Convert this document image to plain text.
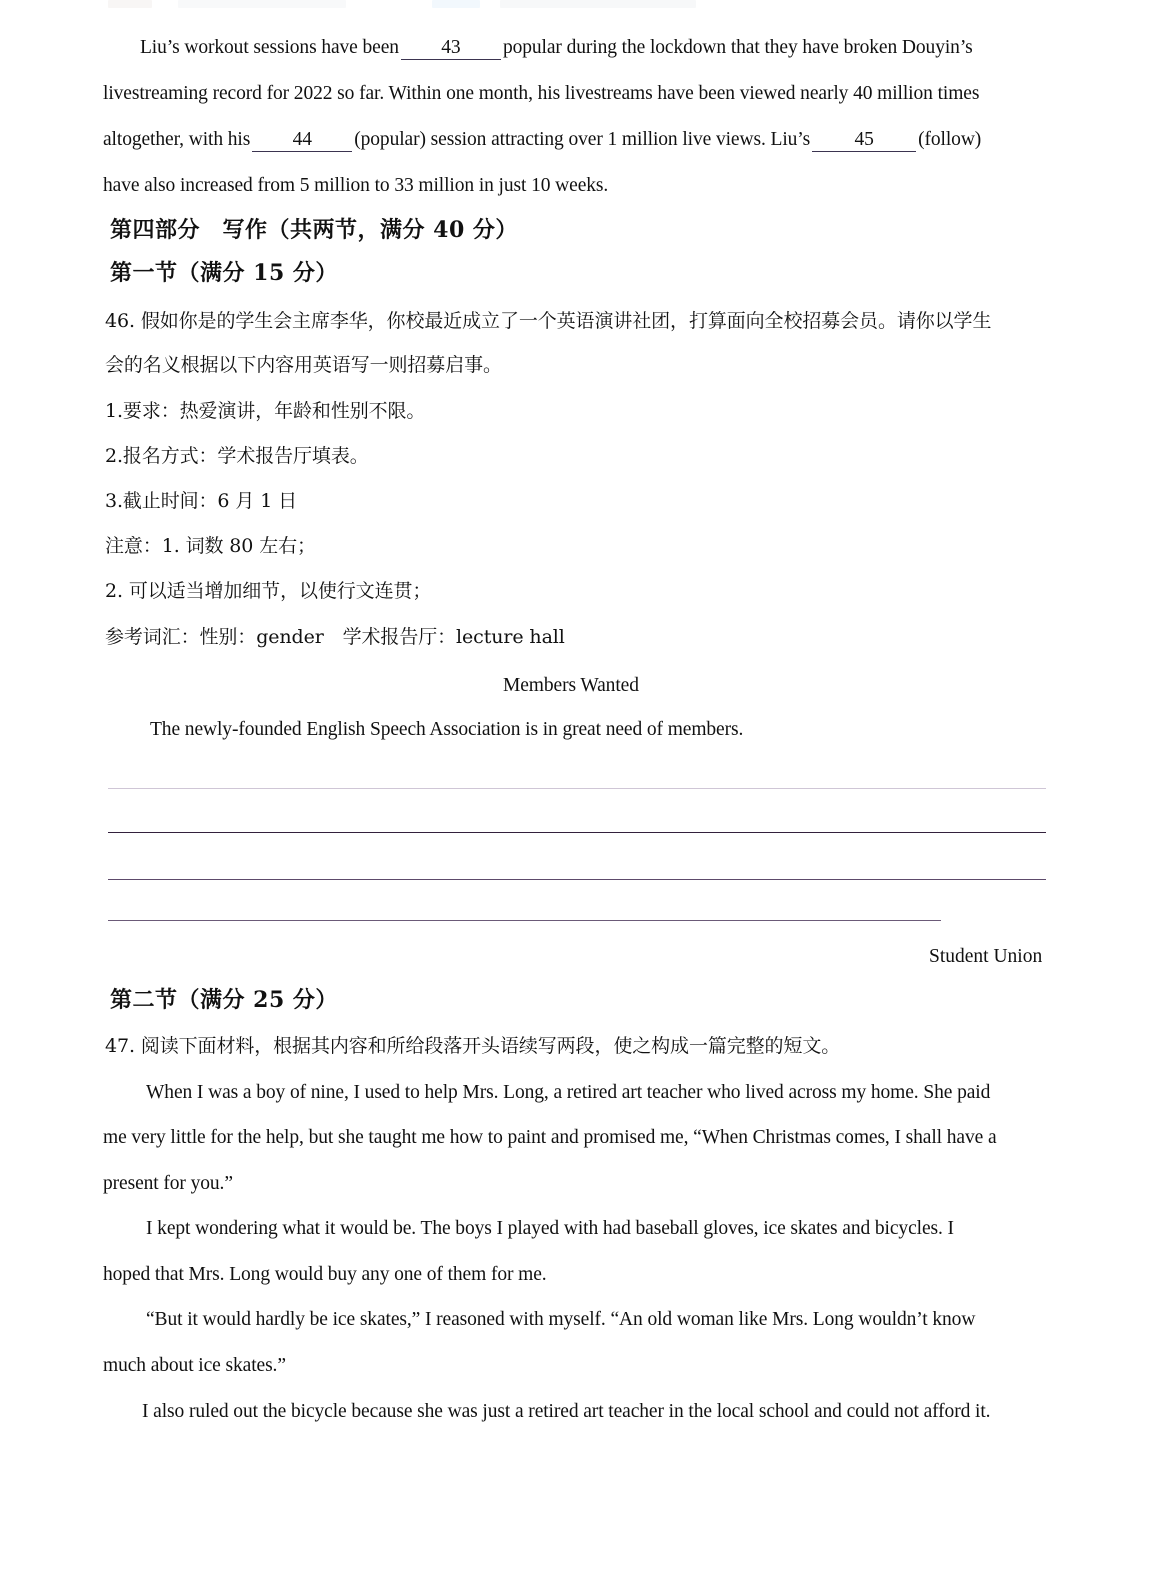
Liu’s workout sessions have been 43 popular during the lockdown that they have broken Douyin’s
livestreaming record for 2022 so far. Within one month, his livestreams have been viewed nearly 40 million times
altogether, with his 44 (popular) session attracting over 1 million live views. Liu’s 45 (follow)
have also increased from 5 million to 33 million in just 10 weeks.
第四部分　写作（共两节，满分 40 分）
第一节（满分 15 分）
46. 假如你是的学生会主席李华，你校最近成立了一个英语演讲社团，打算面向全校招募会员。请你以学生
会的名义根据以下内容用英语写一则招募启事。
1.要求：热爱演讲，年龄和性别不限。
2.报名方式：学术报告厅填表。
3.截止时间：6 月 1 日
注意：1. 词数 80 左右；
2. 可以适当增加细节，以使行文连贯；
参考词汇：性别：gender　学术报告厅：lecture hall
Members Wanted
The newly-founded English Speech Association is in great need of members.
Student Union
第二节（满分 25 分）
47. 阅读下面材料，根据其内容和所给段落开头语续写两段，使之构成一篇完整的短文。
When I was a boy of nine, I used to help Mrs. Long, a retired art teacher who lived across my home. She paid
me very little for the help, but she taught me how to paint and promised me, “When Christmas comes, I shall have a
present for you.”
I kept wondering what it would be. The boys I played with had baseball gloves, ice skates and bicycles. I
hoped that Mrs. Long would buy any one of them for me.
“But it would hardly be ice skates,” I reasoned with myself. “An old woman like Mrs. Long wouldn’t know
much about ice skates.”
I also ruled out the bicycle because she was just a retired art teacher in the local school and could not afford it.
